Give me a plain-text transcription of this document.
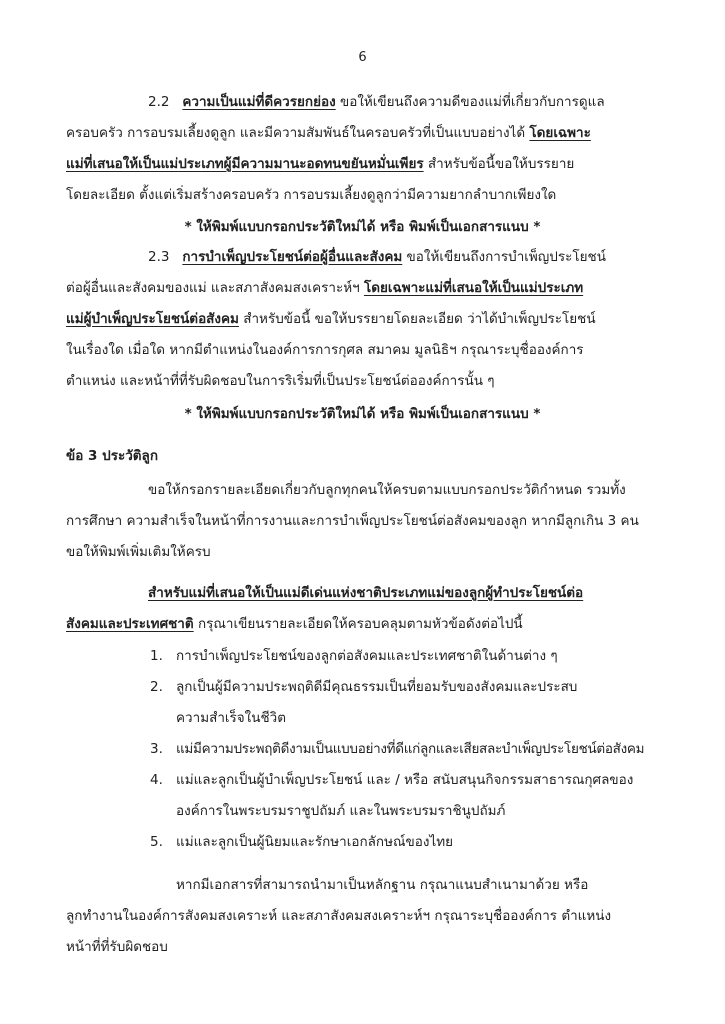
6
2.2 ความเป็นแม่ที่ดีควรยกย่อง ขอให้เขียนถึงความดีของแม่ที่เกี่ยวกับการดูแล
ครอบครัว การอบรมเลี้ยงดูลูก และมีความสัมพันธ์ในครอบครัวที่เป็นแบบอย่างได้ โดยเฉพาะ
แม่ที่เสนอให้เป็นแม่ประเภทผู้มีความมานะอดทนขยันหมั่นเพียร สำหรับข้อนี้ขอให้บรรยาย
โดยละเอียด ตั้งแต่เริ่มสร้างครอบครัว การอบรมเลี้ยงดูลูกว่ามีความยากลำบากเพียงใด
* ให้พิมพ์แบบกรอกประวัติใหม่ได้ หรือ พิมพ์เป็นเอกสารแนบ *
2.3 การบำเพ็ญประโยชน์ต่อผู้อื่นและสังคม ขอให้เขียนถึงการบำเพ็ญประโยชน์
ต่อผู้อื่นและสังคมของแม่ และสภาสังคมสงเคราะห์ฯ โดยเฉพาะแม่ที่เสนอให้เป็นแม่ประเภท
แม่ผู้บำเพ็ญประโยชน์ต่อสังคม สำหรับข้อนี้ ขอให้บรรยายโดยละเอียด ว่าได้บำเพ็ญประโยชน์
ในเรื่องใด เมื่อใด หากมีตำแหน่งในองค์การการกุศล สมาคม มูลนิธิฯ กรุณาระบุชื่อองค์การ
ตำแหน่ง และหน้าที่ที่รับผิดชอบในการริเริ่มที่เป็นประโยชน์ต่อองค์การนั้น ๆ
* ให้พิมพ์แบบกรอกประวัติใหม่ได้ หรือ พิมพ์เป็นเอกสารแนบ *
ข้อ 3 ประวัติลูก
ขอให้กรอกรายละเอียดเกี่ยวกับลูกทุกคนให้ครบตามแบบกรอกประวัติกำหนด รวมทั้ง
การศึกษา ความสำเร็จในหน้าที่การงานและการบำเพ็ญประโยชน์ต่อสังคมของลูก หากมีลูกเกิน 3 คน
ขอให้พิมพ์เพิ่มเติมให้ครบ
สำหรับแม่ที่เสนอให้เป็นแม่ดีเด่นแห่งชาติประเภทแม่ของลูกผู้ทำประโยชน์ต่อ
สังคมและประเทศชาติ กรุณาเขียนรายละเอียดให้ครอบคลุมตามหัวข้อดังต่อไปนี้
1. การบำเพ็ญประโยชน์ของลูกต่อสังคมและประเทศชาติในด้านต่าง ๆ
2. ลูกเป็นผู้มีความประพฤติดีมีคุณธรรมเป็นที่ยอมรับของสังคมและประสบ
ความสำเร็จในชีวิต
3. แม่มีความประพฤติดีงามเป็นแบบอย่างที่ดีแก่ลูกและเสียสละบำเพ็ญประโยชน์ต่อสังคม
4. แม่และลูกเป็นผู้บำเพ็ญประโยชน์ และ / หรือ สนับสนุนกิจกรรมสาธารณกุศลของ
องค์การในพระบรมราชูปถัมภ์ และในพระบรมราชินูปถัมภ์
5. แม่และลูกเป็นผู้นิยมและรักษาเอกลักษณ์ของไทย
หากมีเอกสารที่สามารถนำมาเป็นหลักฐาน กรุณาแนบสำเนามาด้วย หรือ
ลูกทำงานในองค์การสังคมสงเคราะห์ และสภาสังคมสงเคราะห์ฯ กรุณาระบุชื่อองค์การ ตำแหน่ง
หน้าที่ที่รับผิดชอบ
